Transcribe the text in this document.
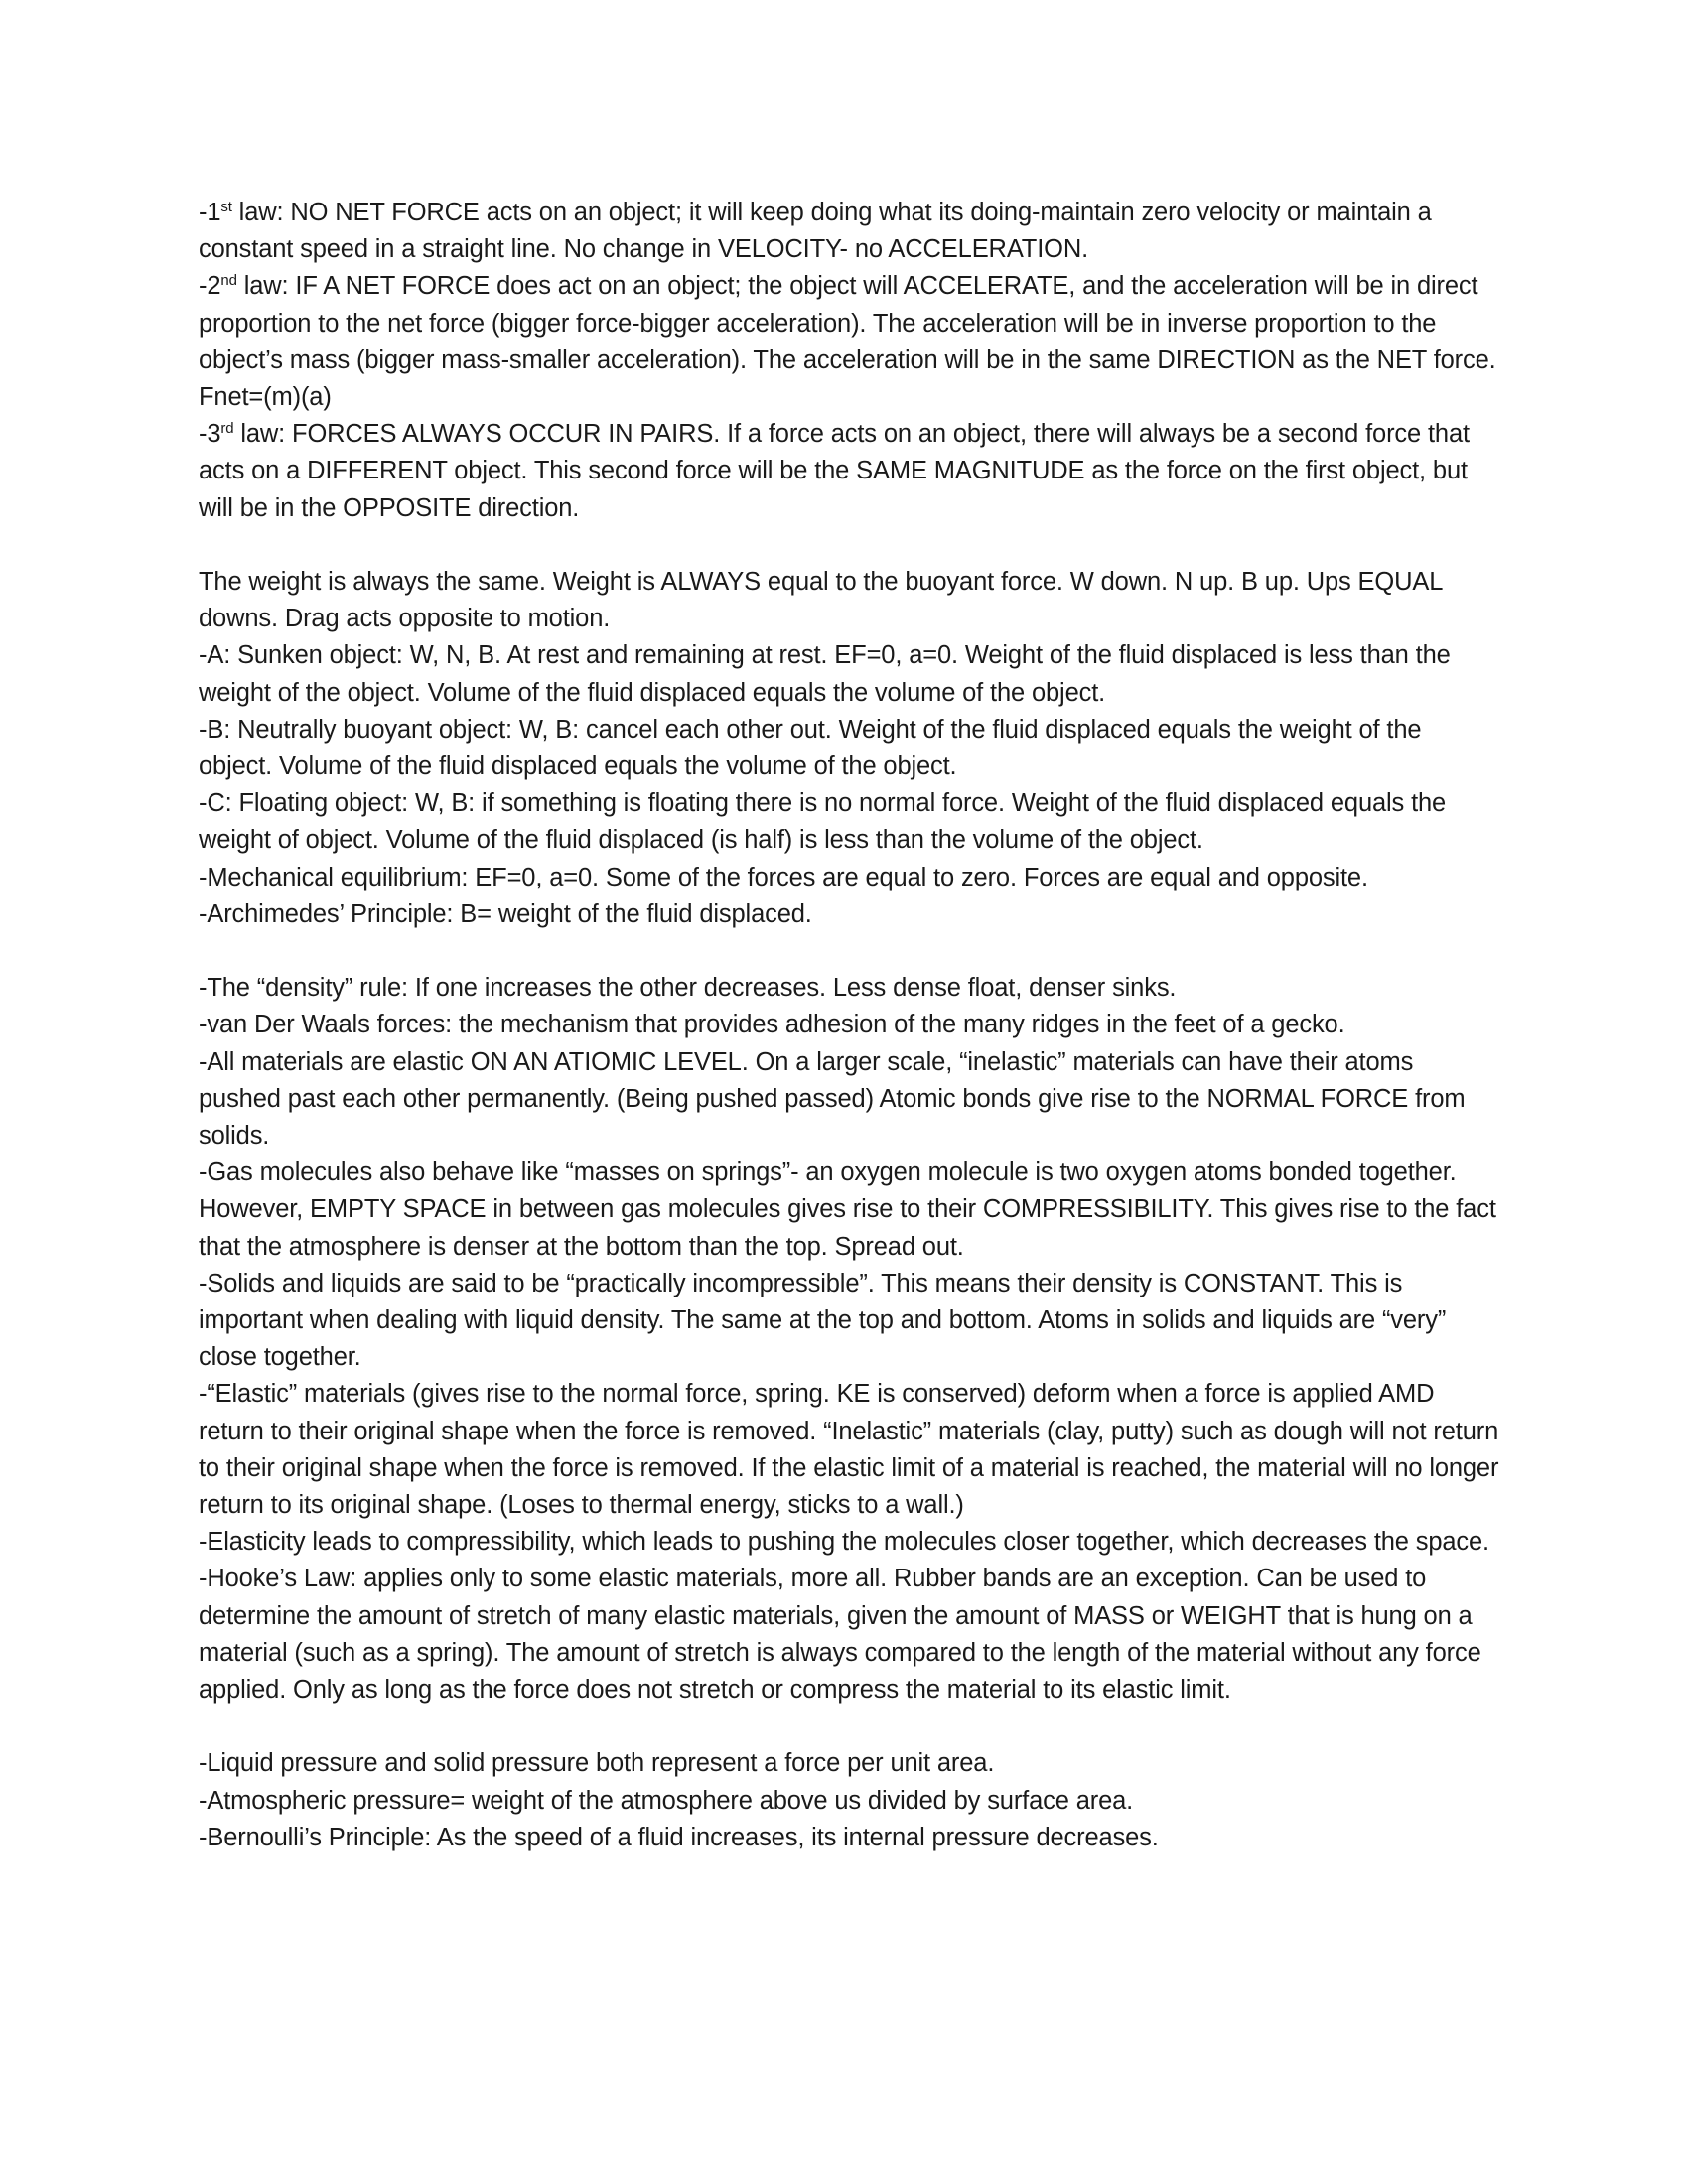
-1st law: NO NET FORCE acts on an object; it will keep doing what its doing-maintain zero velocity or maintain a constant speed in a straight line. No change in VELOCITY- no ACCELERATION.

-2nd law: IF A NET FORCE does act on an object; the object will ACCELERATE, and the acceleration will be in direct proportion to the net force (bigger force-bigger acceleration). The acceleration will be in inverse proportion to the object’s mass (bigger mass-smaller acceleration). The acceleration will be in the same DIRECTION as the NET force. Fnet=(m)(a)

-3rd law: FORCES ALWAYS OCCUR IN PAIRS. If a force acts on an object, there will always be a second force that acts on a DIFFERENT object. This second force will be the SAME MAGNITUDE as the force on the first object, but will be in the OPPOSITE direction.

The weight is always the same. Weight is ALWAYS equal to the buoyant force. W down. N up. B up. Ups EQUAL downs. Drag acts opposite to motion.

-A: Sunken object: W, N, B. At rest and remaining at rest. EF=0, a=0. Weight of the fluid displaced is less than the weight of the object. Volume of the fluid displaced equals the volume of the object.

-B: Neutrally buoyant object: W, B: cancel each other out. Weight of the fluid displaced equals the weight of the object. Volume of the fluid displaced equals the volume of the object.

-C: Floating object: W, B: if something is floating there is no normal force. Weight of the fluid displaced equals the weight of object. Volume of the fluid displaced (is half) is less than the volume of the object.

-Mechanical equilibrium: EF=0, a=0. Some of the forces are equal to zero. Forces are equal and opposite.

-Archimedes’ Principle: B= weight of the fluid displaced.

-The “density” rule: If one increases the other decreases. Less dense float, denser sinks.

-van Der Waals forces: the mechanism that provides adhesion of the many ridges in the feet of a gecko.

-All materials are elastic ON AN ATIOMIC LEVEL. On a larger scale, “inelastic” materials can have their atoms pushed past each other permanently. (Being pushed passed) Atomic bonds give rise to the NORMAL FORCE from solids.

-Gas molecules also behave like “masses on springs”- an oxygen molecule is two oxygen atoms bonded together. However, EMPTY SPACE in between gas molecules gives rise to their COMPRESSIBILITY. This gives rise to the fact that the atmosphere is denser at the bottom than the top. Spread out.

-Solids and liquids are said to be “practically incompressible”. This means their density is CONSTANT. This is important when dealing with liquid density. The same at the top and bottom. Atoms in solids and liquids are “very” close together.

-“Elastic” materials (gives rise to the normal force, spring. KE is conserved) deform when a force is applied AMD return to their original shape when the force is removed. “Inelastic” materials (clay, putty) such as dough will not return to their original shape when the force is removed. If the elastic limit of a material is reached, the material will no longer return to its original shape. (Loses to thermal energy, sticks to a wall.)

-Elasticity leads to compressibility, which leads to pushing the molecules closer together, which decreases the space.

-Hooke’s Law: applies only to some elastic materials, more all. Rubber bands are an exception. Can be used to determine the amount of stretch of many elastic materials, given the amount of MASS or WEIGHT that is hung on a material (such as a spring). The amount of stretch is always compared to the length of the material without any force applied. Only as long as the force does not stretch or compress the material to its elastic limit.

-Liquid pressure and solid pressure both represent a force per unit area.

-Atmospheric pressure= weight of the atmosphere above us divided by surface area.

-Bernoulli’s Principle: As the speed of a fluid increases, its internal pressure decreases.
